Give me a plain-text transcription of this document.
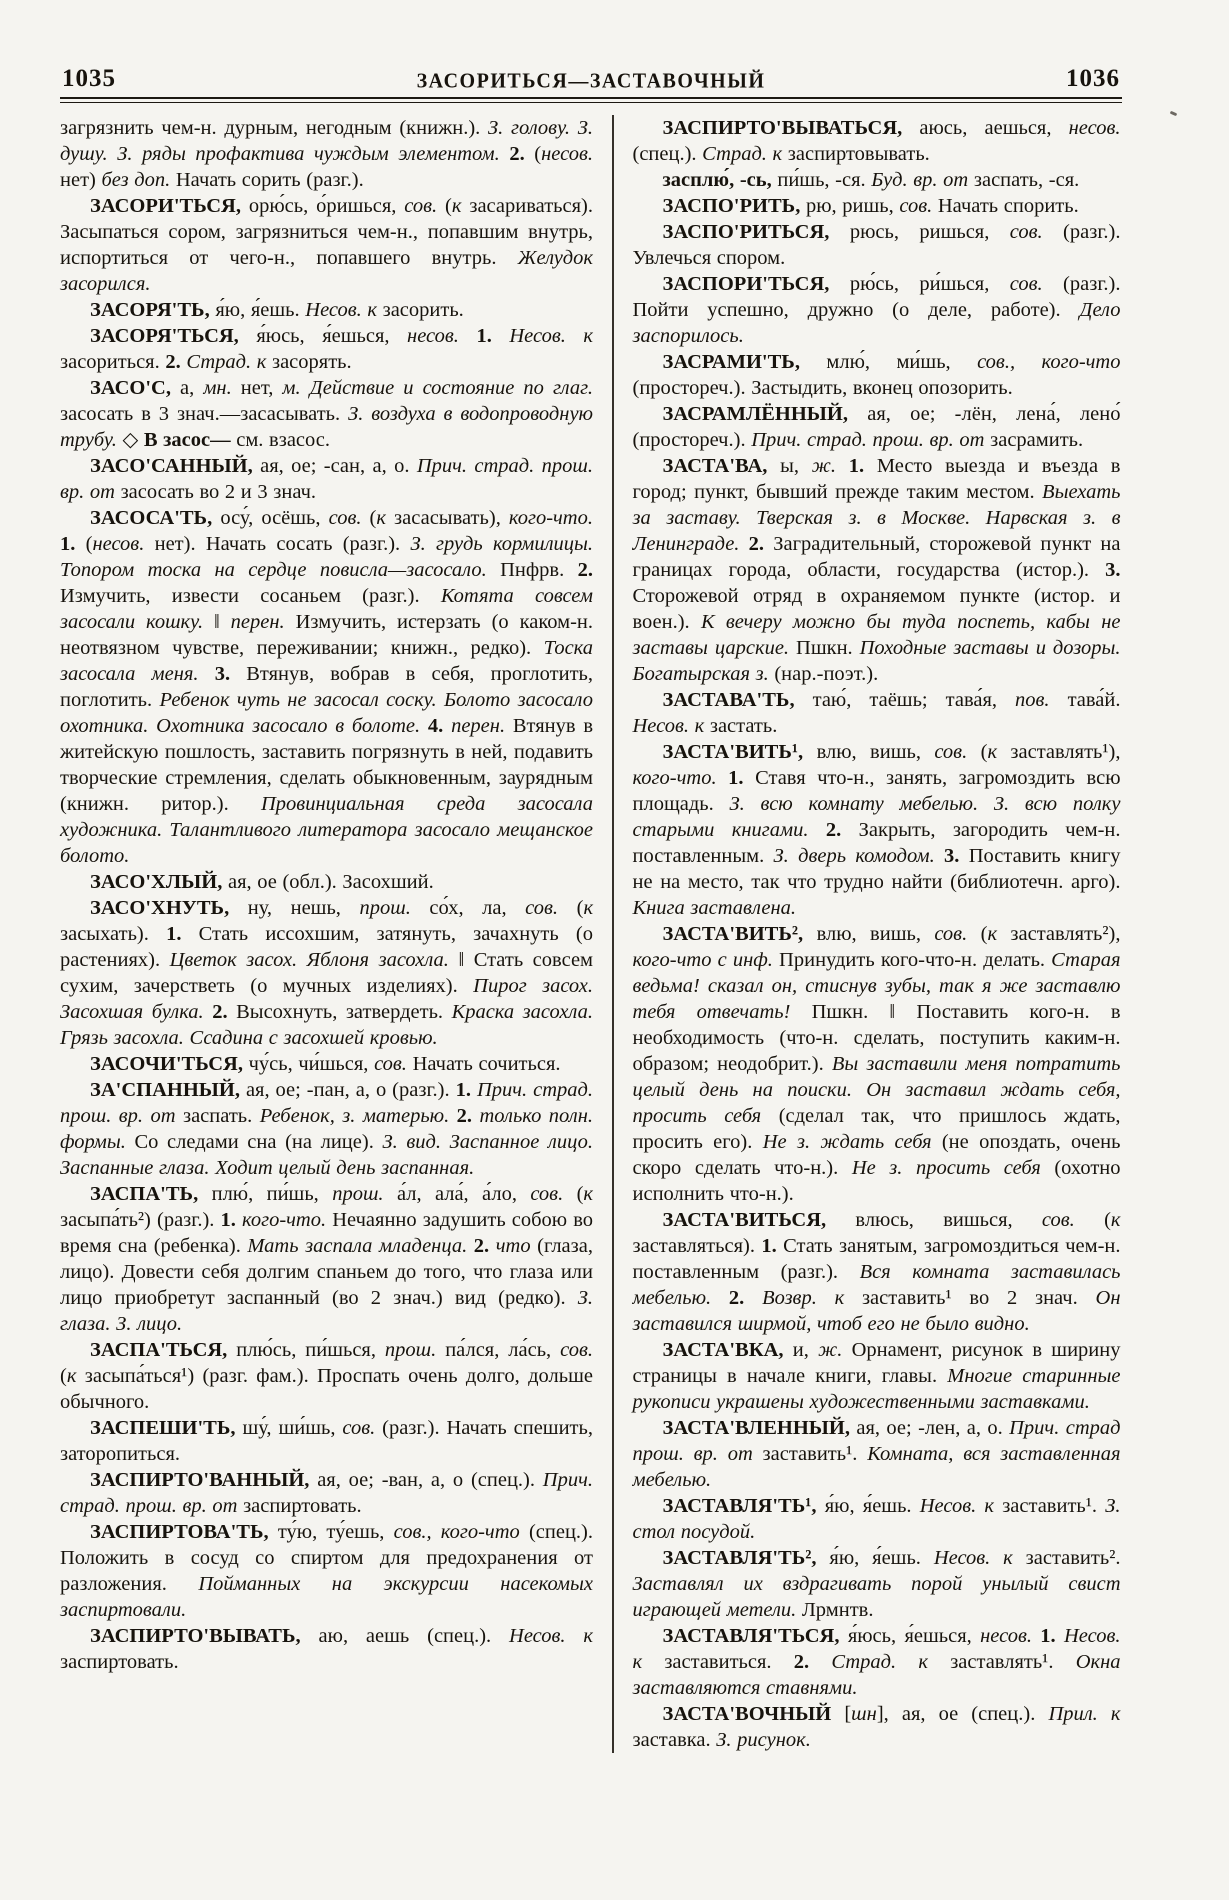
1035	ЗАСОРИТЬСЯ—ЗАСТАВОЧНЫЙ	1036

загрязнить чем-н. дурным, негодным (книжн.). З. голову. З. душу. З. ряды профактива чуждым элементом. 2. (несов. нет) без доп. Начать сорить (разг.).

ЗАСОРИ'ТЬСЯ, орю́сь, о́ришься, сов. (к засариваться). Засыпаться сором, загрязниться чем-н., попавшим внутрь, испортиться от чего-н., попавшего внутрь. Желудок засорился.

ЗАСОРЯ'ТЬ, я́ю, я́ешь. Несов. к засорить.

ЗАСОРЯ'ТЬСЯ, я́юсь, я́ешься, несов. 1. Несов. к засориться. 2. Страд. к засорять.

ЗАСО'С, а, мн. нет, м. Действие и состояние по глаг. засосать в 3 знач.—засасывать. З. воздуха в водопроводную трубу. ◇ В засос— см. взасос.

ЗАСО'САННЫЙ, ая, ое; -сан, а, о. Прич. страд. прош. вр. от засосать во 2 и 3 знач.

ЗАСОСА'ТЬ, осу́, осёшь, сов. (к засасывать), кого-что. 1. (несов. нет). Начать сосать (разг.). З. грудь кормилицы. Топором тоска на сердце повисла—засосало. Пнфрв. 2. Измучить, извести сосаньем (разг.). Котята совсем засосали кошку. ‖ перен. Измучить, истерзать (о каком-н. неотвязном чувстве, переживании; книжн., редко). Тоска засосала меня. 3. Втянув, вобрав в себя, проглотить, поглотить. Ребенок чуть не засосал соску. Болото засосало охотника. Охотника засосало в болоте. 4. перен. Втянув в житейскую пошлость, заставить погрязнуть в ней, подавить творческие стремления, сделать обыкновенным, заурядным (книжн. ритор.). Провинциальная среда засосала художника. Талантливого литератора засосало мещанское болото.

ЗАСО'ХЛЫЙ, ая, ое (обл.). Засохший.

ЗАСО'ХНУТЬ, ну, нешь, прош. со́х, ла, сов. (к засыхать). 1. Стать иссохшим, затянуть, зачахнуть (о растениях). Цветок засох. Яблоня засохла. ‖ Стать совсем сухим, зачерстветь (о мучных изделиях). Пирог засох. Засохшая булка. 2. Высохнуть, затвердеть. Краска засохла. Грязь засохла. Ссадина с засохшей кровью.

ЗАСОЧИ'ТЬСЯ, чу́сь, чи́шься, сов. Начать сочиться.

ЗА'СПАННЫЙ, ая, ое; -пан, а, о (разг.). 1. Прич. страд. прош. вр. от заспать. Ребенок, з. матерью. 2. только полн. формы. Со следами сна (на лице). З. вид. Заспанное лицо. Заспанные глаза. Ходит целый день заспанная.

ЗАСПА'ТЬ, плю́, пи́шь, прош. а́л, ала́, а́ло, сов. (к засыпа́ть²) (разг.). 1. кого-что. Нечаянно задушить собою во время сна (ребенка). Мать заспала младенца. 2. что (глаза, лицо). Довести себя долгим спаньем до того, что глаза или лицо приобретут заспанный (во 2 знач.) вид (редко). З. глаза. З. лицо.

ЗАСПА'ТЬСЯ, плю́сь, пи́шься, прош. па́лся, ла́сь, сов. (к засыпа́ться¹) (разг. фам.). Проспать очень долго, дольше обычного.

ЗАСПЕШИ'ТЬ, шу́, ши́шь, сов. (разг.). Начать спешить, заторопиться.

ЗАСПИРТО'ВАННЫЙ, ая, ое; -ван, а, о (спец.). Прич. страд. прош. вр. от заспиртовать.

ЗАСПИРТОВА'ТЬ, ту́ю, ту́ешь, сов., кого-что (спец.). Положить в сосуд со спиртом для предохранения от разложения. Пойманных на экскурсии насекомых заспиртовали.

ЗАСПИРТО'ВЫВАТЬ, аю, аешь (спец.). Несов. к заспиртовать.

ЗАСПИРТО'ВЫВАТЬСЯ, аюсь, аешься, несов. (спец.). Страд. к заспиртовывать.

засплю́, -сь, пи́шь, -ся. Буд. вр. от заспать, -ся.

ЗАСПО'РИТЬ, рю, ришь, сов. Начать спорить.

ЗАСПО'РИТЬСЯ, рюсь, ришься, сов. (разг.). Увлечься спором.

ЗАСПОРИ'ТЬСЯ, рю́сь, ри́шься, сов. (разг.). Пойти успешно, дружно (о деле, работе). Дело заспорилось.

ЗАСРАМИ'ТЬ, млю́, ми́шь, сов., кого-что (простореч.). Застыдить, вконец опозорить.

ЗАСРАМЛЁННЫЙ, ая, ое; -лён, лена́, лено́ (простореч.). Прич. страд. прош. вр. от засрамить.

ЗАСТА'ВА, ы, ж. 1. Место выезда и въезда в город; пункт, бывший прежде таким местом. Выехать за заставу. Тверская з. в Москве. Нарвская з. в Ленинграде. 2. Заградительный, сторожевой пункт на границах города, области, государства (истор.). 3. Сторожевой отряд в охраняемом пункте (истор. и воен.). К вечеру можно бы туда поспеть, кабы не заставы царские. Пшкн. Походные заставы и дозоры. Богатырская з. (нар.-поэт.).

ЗАСТАВА'ТЬ, таю́, таёшь; тава́я, пов. тава́й. Несов. к застать.

ЗАСТА'ВИТЬ¹, влю, вишь, сов. (к заставлять¹), кого-что. 1. Ставя что-н., занять, загромоздить всю площадь. З. всю комнату мебелью. З. всю полку старыми книгами. 2. Закрыть, загородить чем-н. поставленным. З. дверь комодом. 3. Поставить книгу не на место, так что трудно найти (библиотечн. арго). Книга заставлена.

ЗАСТА'ВИТЬ², влю, вишь, сов. (к заставлять²), кого-что с инф. Принудить кого-что-н. делать. Старая ведьма! сказал он, стиснув зубы, так я же заставлю тебя отвечать! Пшкн. ‖ Поставить кого-н. в необходимость (что-н. сделать, поступить каким-н. образом; неодобрит.). Вы заставили меня потратить целый день на поиски. Он заставил ждать себя, просить себя (сделал так, что пришлось ждать, просить его). Не з. ждать себя (не опоздать, очень скоро сделать что-н.). Не з. просить себя (охотно исполнить что-н.).

ЗАСТА'ВИТЬСЯ, влюсь, вишься, сов. (к заставляться). 1. Стать занятым, загромоздиться чем-н. поставленным (разг.). Вся комната заставилась мебелью. 2. Возвр. к заставить¹ во 2 знач. Он заставился ширмой, чтоб его не было видно.

ЗАСТА'ВКА, и, ж. Орнамент, рисунок в ширину страницы в начале книги, главы. Многие старинные рукописи украшены художественными заставками.

ЗАСТА'ВЛЕННЫЙ, ая, ое; -лен, а, о. Прич. страд прош. вр. от заставить¹. Комната, вся заставленная мебелью.

ЗАСТАВЛЯ'ТЬ¹, я́ю, я́ешь. Несов. к заставить¹. З. стол посудой.

ЗАСТАВЛЯ'ТЬ², я́ю, я́ешь. Несов. к заставить². Заставлял их вздрагивать порой унылый свист играющей метели. Лрмнтв.

ЗАСТАВЛЯ'ТЬСЯ, я́юсь, я́ешься, несов. 1. Несов. к заставиться. 2. Страд. к заставлять¹. Окна заставляются ставнями.

ЗАСТА'ВОЧНЫЙ [шн], ая, ое (спец.). Прил. к заставка. З. рисунок.
